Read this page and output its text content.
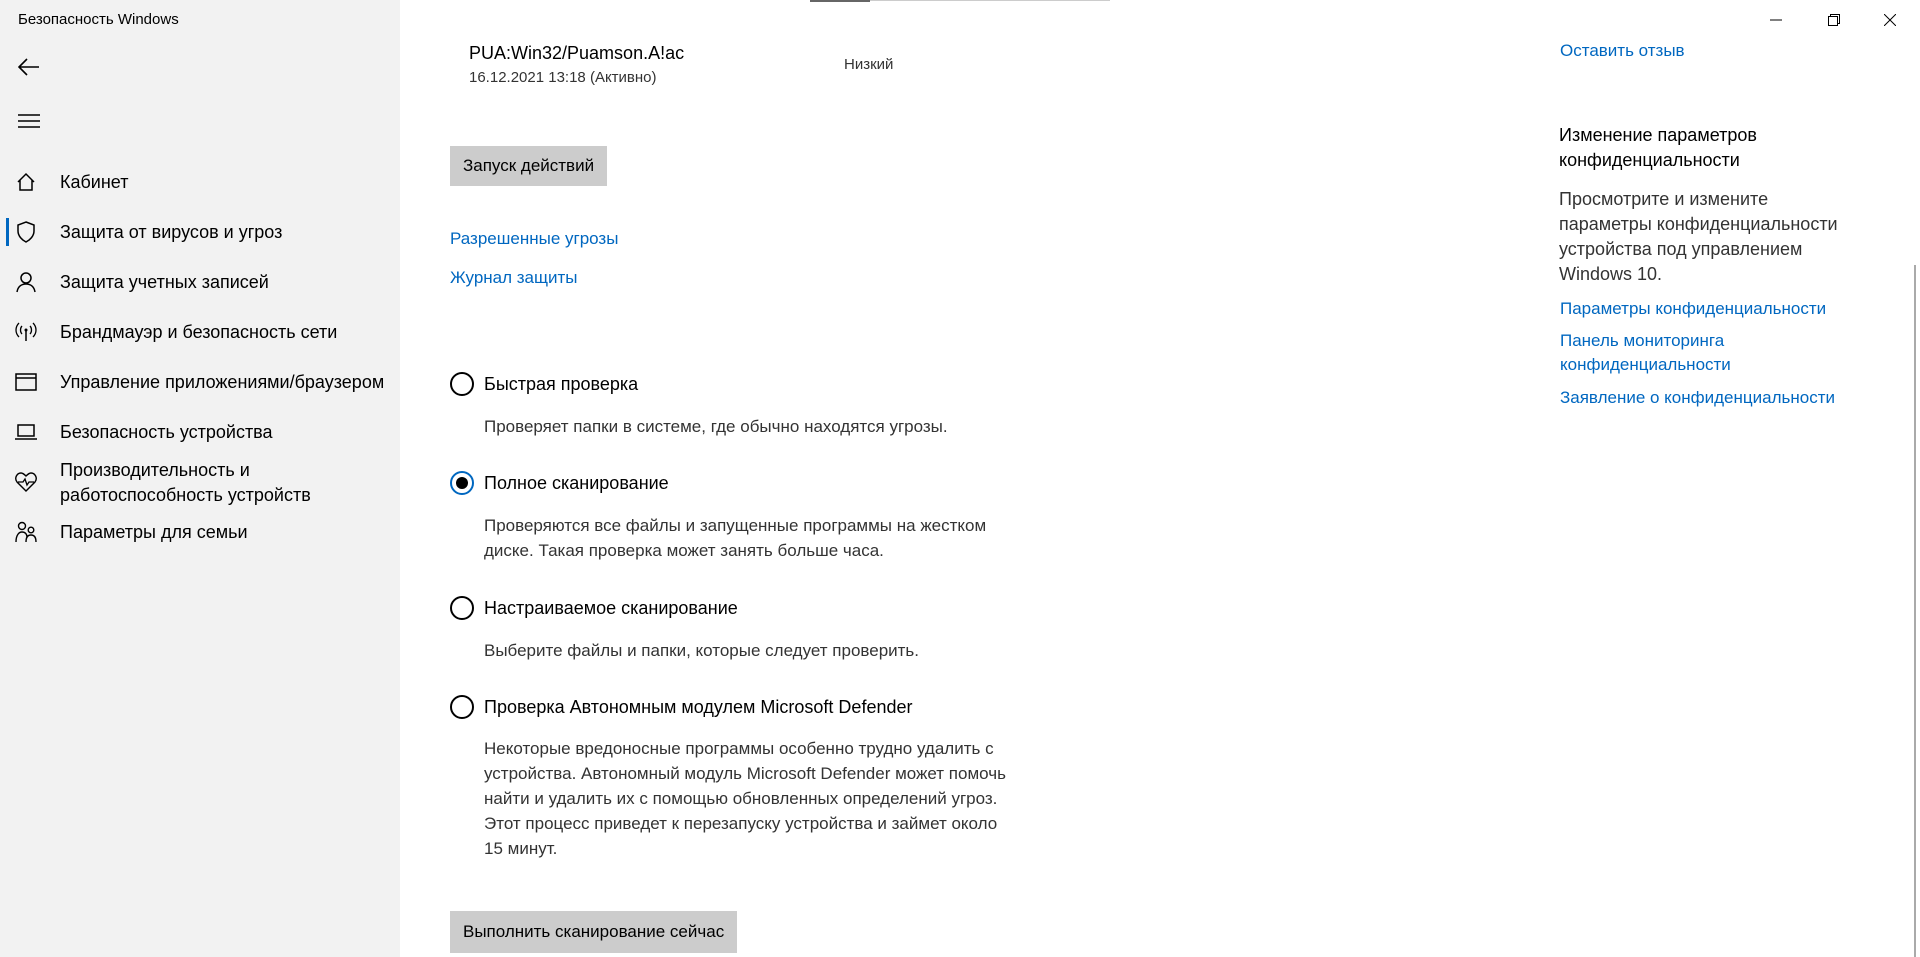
Кабинет
Защита от вирусов и угроз
Защита учетных записей
Брандмауэр и безопасность сети
Управление приложениями/браузером
Безопасность устройства
Производительность и
работоспособность устройств
Параметры для семьи
Безопасность Windows
PUA:Win32/Puamson.A!ac
16.12.2021 13:18 (Активно)
Низкий
Запуск действий
Разрешенные угрозы
Журнал защиты
Быстрая проверка
Проверяет папки в системе, где обычно находятся угрозы.
Полное сканирование
Проверяются все файлы и запущенные программы на жестком
диске. Такая проверка может занять больше часа.
Настраиваемое сканирование
Выберите файлы и папки, которые следует проверить.
Проверка Автономным модулем Microsoft Defender
Некоторые вредоносные программы особенно трудно удалить с
устройства. Автономный модуль Microsoft Defender может помочь
найти и удалить их с помощью обновленных определений угроз.
Этот процесс приведет к перезапуску устройства и займет около
15 минут.
Выполнить сканирование сейчас
Оставить отзыв
Изменение параметров
конфиденциальности
Просмотрите и измените
параметры конфиденциальности
устройства под управлением
Windows 10.
Параметры конфиденциальности
Панель мониторинга
конфиденциальности
Заявление о конфиденциальности
